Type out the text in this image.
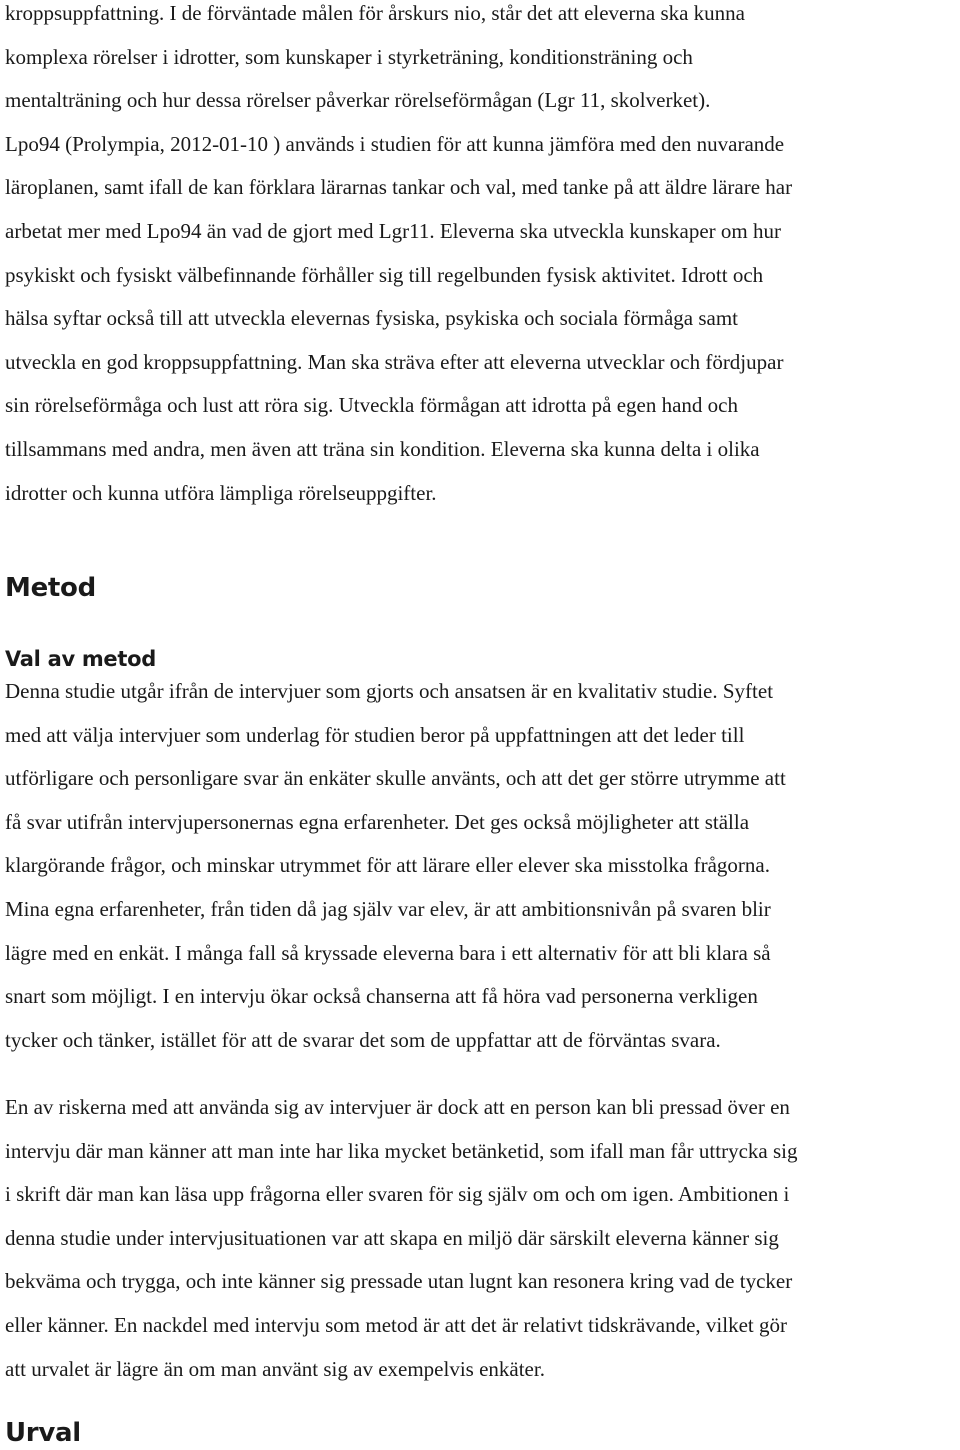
kroppsuppfattning. I de förväntade målen för årskurs nio, står det att eleverna ska kunna
komplexa rörelser i idrotter, som kunskaper i styrketräning, konditionsträning och
mentalträning och hur dessa rörelser påverkar rörelseförmågan (Lgr 11, skolverket).
Lpo94 (Prolympia, 2012-01-10 ) används i studien för att kunna jämföra med den nuvarande
läroplanen, samt ifall de kan förklara lärarnas tankar och val, med tanke på att äldre lärare har
arbetat mer med Lpo94 än vad de gjort med Lgr11. Eleverna ska utveckla kunskaper om hur
psykiskt och fysiskt välbefinnande förhåller sig till regelbunden fysisk aktivitet. Idrott och
hälsa syftar också till att utveckla elevernas fysiska, psykiska och sociala förmåga samt
utveckla en god kroppsuppfattning. Man ska sträva efter att eleverna utvecklar och fördjupar
sin rörelseförmåga och lust att röra sig. Utveckla förmågan att idrotta på egen hand och
tillsammans med andra, men även att träna sin kondition. Eleverna ska kunna delta i olika
idrotter och kunna utföra lämpliga rörelseuppgifter.
Metod
Val av metod
Denna studie utgår ifrån de intervjuer som gjorts och ansatsen är en kvalitativ studie. Syftet
med att välja intervjuer som underlag för studien beror på uppfattningen att det leder till
utförligare och personligare svar än enkäter skulle använts, och att det ger större utrymme att
få svar utifrån intervjupersonernas egna erfarenheter. Det ges också möjligheter att ställa
klargörande frågor, och minskar utrymmet för att lärare eller elever ska misstolka frågorna.
Mina egna erfarenheter, från tiden då jag själv var elev, är att ambitionsnivån på svaren blir
lägre med en enkät. I många fall så kryssade eleverna bara i ett alternativ för att bli klara så
snart som möjligt. I en intervju ökar också chanserna att få höra vad personerna verkligen
tycker och tänker, istället för att de svarar det som de uppfattar att de förväntas svara.
En av riskerna med att använda sig av intervjuer är dock att en person kan bli pressad över en
intervju där man känner att man inte har lika mycket betänketid, som ifall man får uttrycka sig
i skrift där man kan läsa upp frågorna eller svaren för sig själv om och om igen. Ambitionen i
denna studie under intervjusituationen var att skapa en miljö där särskilt eleverna känner sig
bekväma och trygga, och inte känner sig pressade utan lugnt kan resonera kring vad de tycker
eller känner. En nackdel med intervju som metod är att det är relativt tidskrävande, vilket gör
att urvalet är lägre än om man använt sig av exempelvis enkäter.
Urval
